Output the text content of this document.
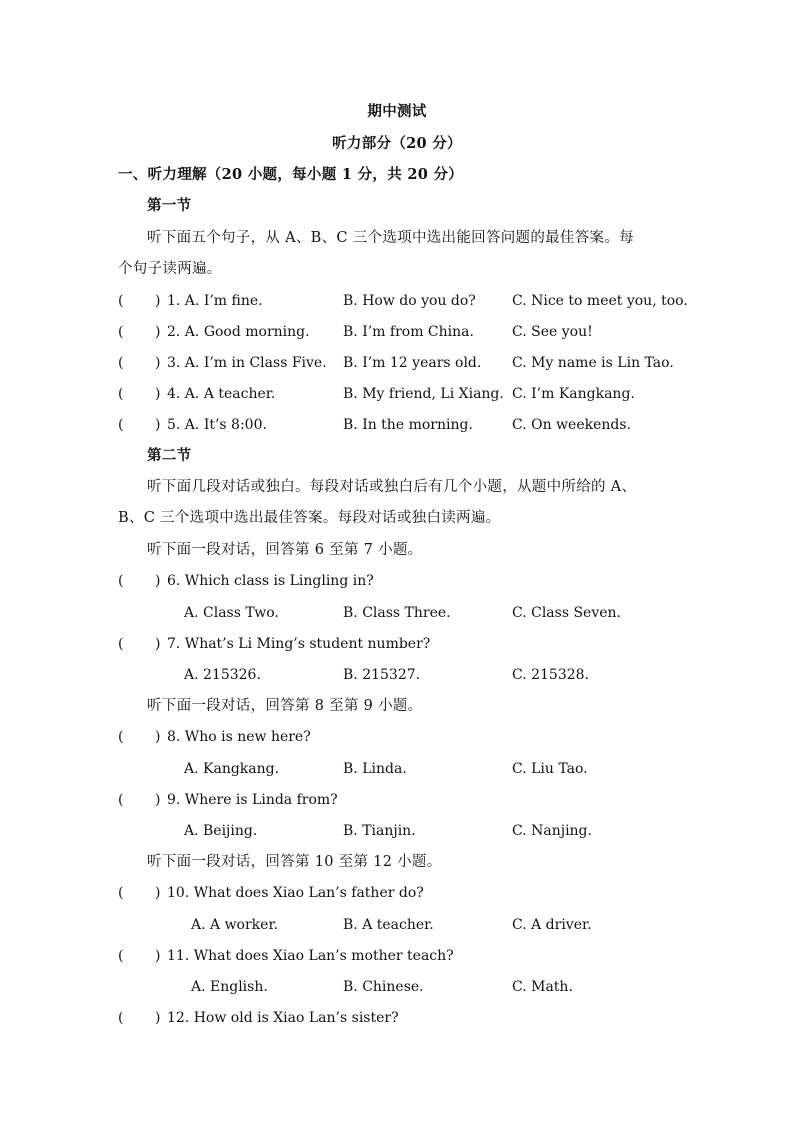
期中测试
听力部分（20 分）
一、听力理解（20 小题，每小题 1 分，共 20 分）
第一节
听下面五个句子，从 A、B、C 三个选项中选出能回答问题的最佳答案。每
个句子读两遍。
( ) 1. A. I’m fine.	B. How do you do?	C. Nice to meet you, too.
( ) 2. A. Good morning. B. I’m from China.	C. See you!
( ) 3. A. I’m in Class Five. B. I’m 12 years old. C. My name is Lin Tao.
( ) 4. A. A teacher.	B. My friend, Li Xiang. C. I’m Kangkang.
( ) 5. A. It’s 8:00.	B. In the morning.	C. On weekends.
第二节
听下面几段对话或独白。每段对话或独白后有几个小题，从题中所给的 A、
B、C 三个选项中选出最佳答案。每段对话或独白读两遍。
听下面一段对话，回答第 6 至第 7 小题。
( ) 6. Which class is Lingling in?
A. Class Two.	B. Class Three.	C. Class Seven.
( ) 7. What’s Li Ming’s student number?
A. 215326.	B. 215327.	C. 215328.
听下面一段对话，回答第 8 至第 9 小题。
( ) 8. Who is new here?
A. Kangkang.	B. Linda.	C. Liu Tao.
( ) 9. Where is Linda from?
A. Beijing.	B. Tianjin.	C. Nanjing.
听下面一段对话，回答第 10 至第 12 小题。
( ) 10. What does Xiao Lan’s father do?
A. A worker.	B. A teacher.	C. A driver.
( ) 11. What does Xiao Lan’s mother teach?
A. English.	B. Chinese.	C. Math.
( ) 12. How old is Xiao Lan’s sister?
